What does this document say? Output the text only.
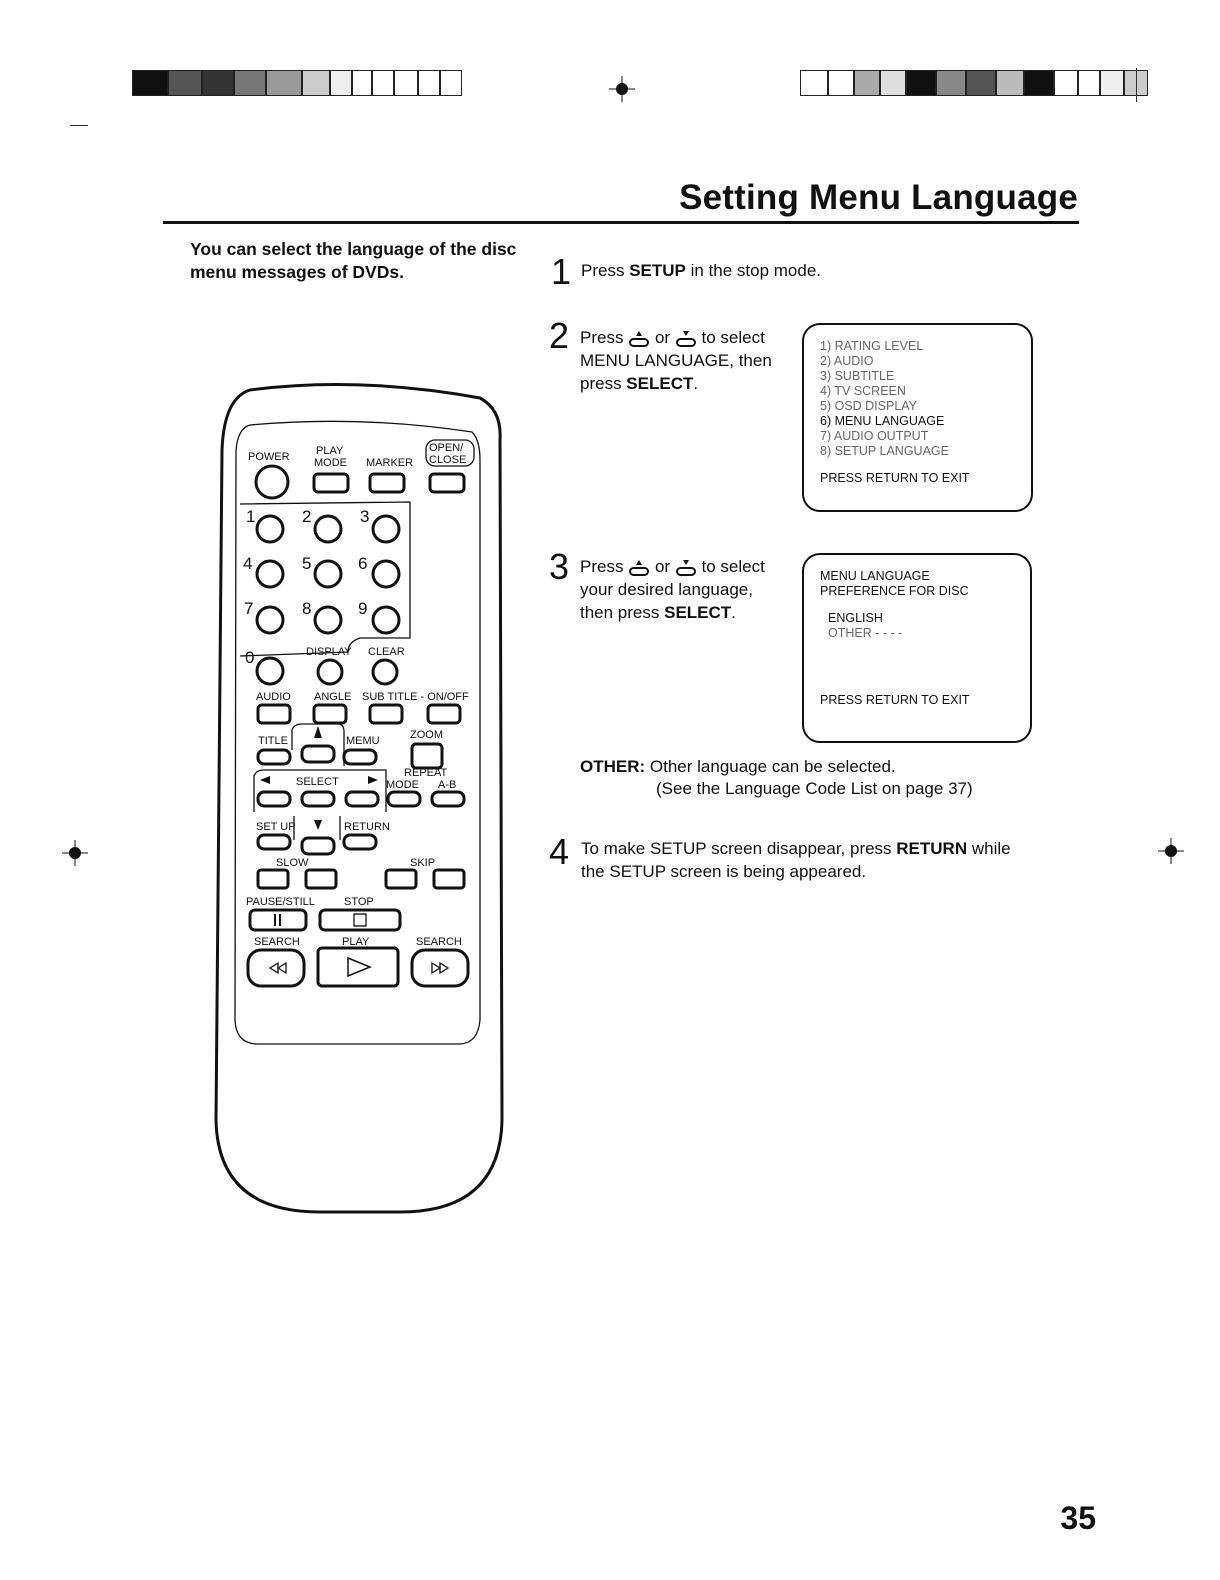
Setting Menu Language
You can select the language of the disc menu messages of DVDs.	1 Press SETUP in the stop mode.
2 Press or to select
MENU LANGUAGE, then
press SELECT.
1) RATING LEVEL
2) AUDIO
3) SUBTITLE
4) TV SCREEN
5) OSD DISPLAY
6) MENU LANGUAGE
7) AUDIO OUTPUT
8) SETUP LANGUAGE
PRESS RETURN TO EXIT
3 Press or to select
your desired language,
then press SELECT.
MENU LANGUAGE
PREFERENCE FOR DISC
ENGLISH
OTHER - - - -
PRESS RETURN TO EXIT
OTHER: Other language can be selected.
(See the Language Code List on page 37)
4 To make SETUP screen disappear, press RETURN while
the SETUP screen is being appeared.
POWER PLAY
MODE MARKER
OPEN/
CLOSE
1	2	3
4	5	6
7	8	9
0	DISPLAY CLEAR
AUDIO ANGLE SUB TITLE - ON/OFF
TITLE	MEMU	ZOOM
REPEAT
MODE A-B
SELECT
SET UP	RETURN
SLOW	SKIP
PAUSE/STILL	STOP
SEARCH	PLAY	SEARCH
35
